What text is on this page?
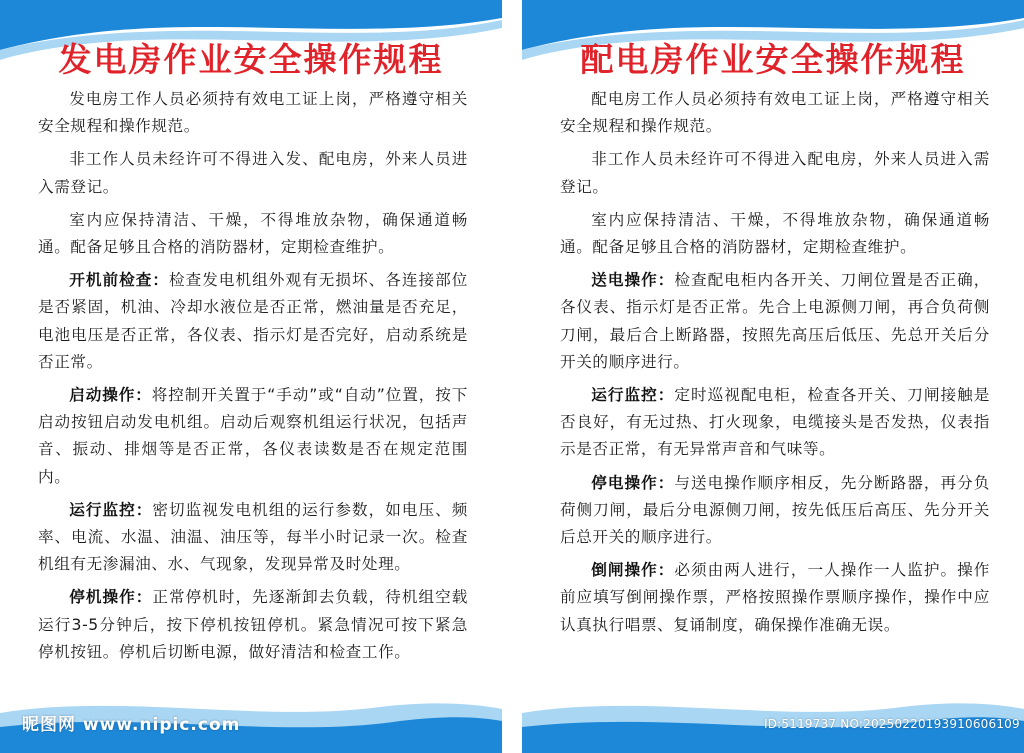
发电房作业安全操作规程

发电房工作人员必须持有效电工证上岗，严格遵守相关安全规程和操作规范。

非工作人员未经许可不得进入发、配电房，外来人员进入需登记。

室内应保持清洁、干燥，不得堆放杂物，确保通道畅通。配备足够且合格的消防器材，定期检查维护。

开机前检查：检查发电机组外观有无损坏、各连接部位是否紧固，机油、冷却水液位是否正常，燃油量是否充足，电池电压是否正常，各仪表、指示灯是否完好，启动系统是否正常。

启动操作：将控制开关置于“手动”或“自动”位置，按下启动按钮启动发电机组。启动后观察机组运行状况，包括声音、振动、排烟等是否正常，各仪表读数是否在规定范围内。

运行监控：密切监视发电机组的运行参数，如电压、频率、电流、水温、油温、油压等，每半小时记录一次。检查机组有无渗漏油、水、气现象，发现异常及时处理。

停机操作：正常停机时，先逐渐卸去负载，待机组空载运行3-5分钟后，按下停机按钮停机。紧急情况可按下紧急停机按钮。停机后切断电源，做好清洁和检查工作。

昵图网 www.nipic.com
配电房作业安全操作规程

配电房工作人员必须持有效电工证上岗，严格遵守相关安全规程和操作规范。

非工作人员未经许可不得进入配电房，外来人员进入需登记。

室内应保持清洁、干燥，不得堆放杂物，确保通道畅通。配备足够且合格的消防器材，定期检查维护。

送电操作：检查配电柜内各开关、刀闸位置是否正确，各仪表、指示灯是否正常。先合上电源侧刀闸，再合负荷侧刀闸，最后合上断路器，按照先高压后低压、先总开关后分开关的顺序进行。

运行监控：定时巡视配电柜，检查各开关、刀闸接触是否良好，有无过热、打火现象，电缆接头是否发热，仪表指示是否正常，有无异常声音和气味等。

停电操作：与送电操作顺序相反，先分断路器，再分负荷侧刀闸，最后分电源侧刀闸，按先低压后高压、先分开关后总开关的顺序进行。

倒闸操作：必须由两人进行，一人操作一人监护。操作前应填写倒闸操作票，严格按照操作票顺序操作，操作中应认真执行唱票、复诵制度，确保操作准确无误。

ID:5119737 NO:20250220193910606109
